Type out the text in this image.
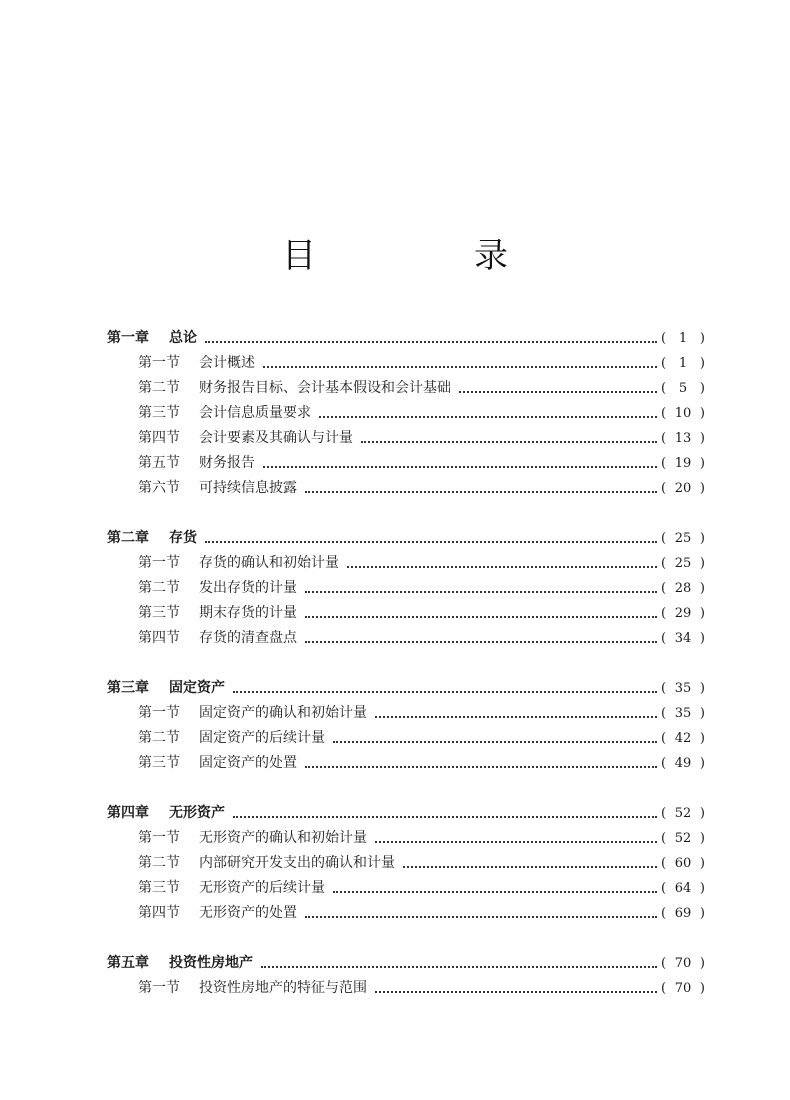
目　录
第一章	总论	( 1 )
第一节	会计概述	( 1 )
第二节	财务报告目标、会计基本假设和会计基础	( 5 )
第三节	会计信息质量要求	( 10 )
第四节	会计要素及其确认与计量	( 13 )
第五节	财务报告	( 19 )
第六节	可持续信息披露	( 20 )
第二章	存货	( 25 )
第一节	存货的确认和初始计量	( 25 )
第二节	发出存货的计量	( 28 )
第三节	期末存货的计量	( 29 )
第四节	存货的清查盘点	( 34 )
第三章	固定资产	( 35 )
第一节	固定资产的确认和初始计量	( 35 )
第二节	固定资产的后续计量	( 42 )
第三节	固定资产的处置	( 49 )
第四章	无形资产	( 52 )
第一节	无形资产的确认和初始计量	( 52 )
第二节	内部研究开发支出的确认和计量	( 60 )
第三节	无形资产的后续计量	( 64 )
第四节	无形资产的处置	( 69 )
第五章	投资性房地产	( 70 )
第一节	投资性房地产的特征与范围	( 70 )
